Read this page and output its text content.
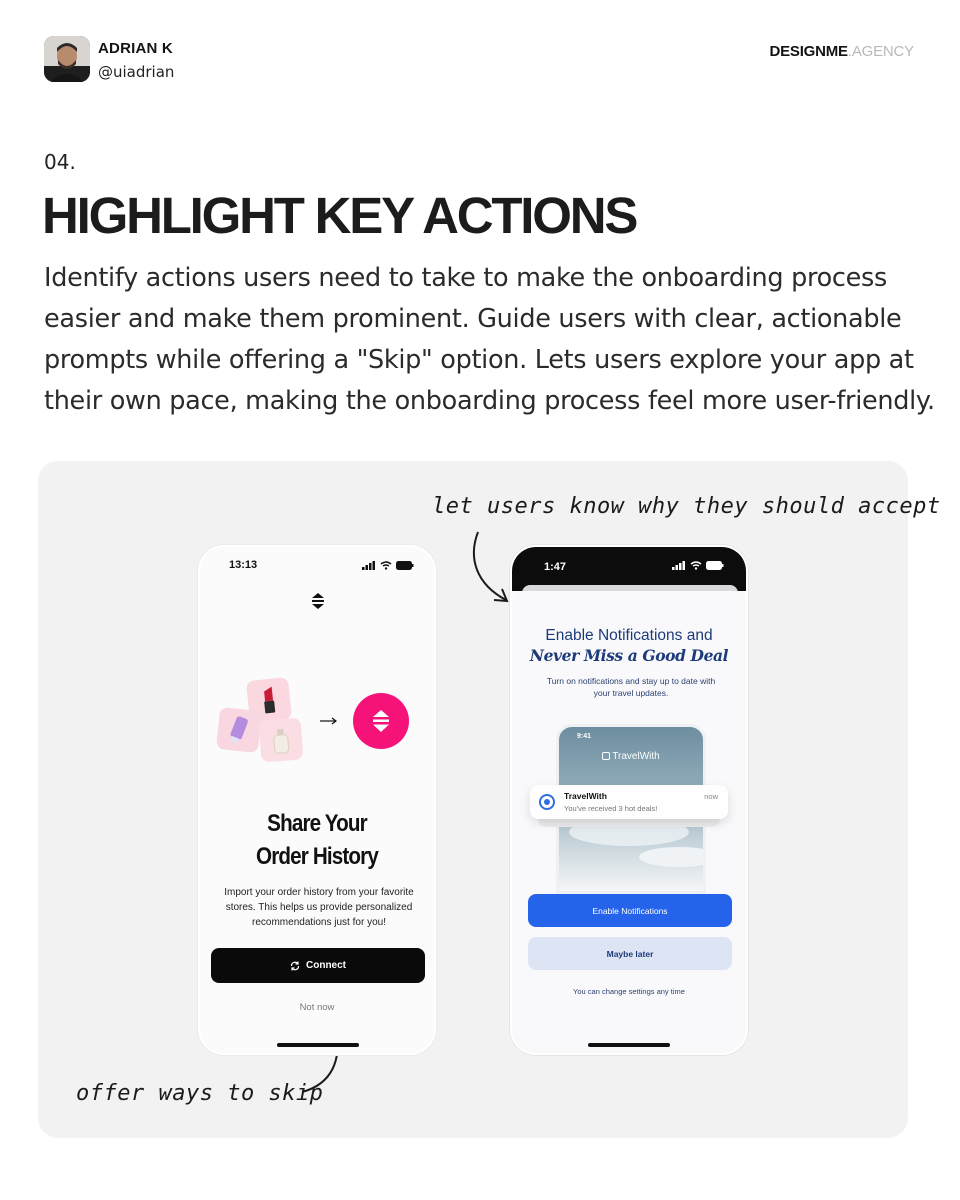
ADRIAN K
@uiadrian
DESIGNME.AGENCY
04.
HIGHLIGHT KEY ACTIONS
Identify actions users need to take to make the onboarding process easier and make them prominent. Guide users with clear, actionable prompts while offering a "Skip" option. Lets users explore your app at their own pace, making the onboarding process feel more user-friendly.
let users know why they should accept
offer ways to skip
13:13
Share Your
Order History
Import your order history from your favorite stores. This helps us provide personalized recommendations just for you!
Connect
Not now
1:47
Enable Notifications and
Never Miss a Good Deal
Turn on notifications and stay up to date with your travel updates.
9:41
TravelWith
TravelWith
You've received 3 hot deals!
now
Enable Notifications
Maybe later
You can change settings any time
